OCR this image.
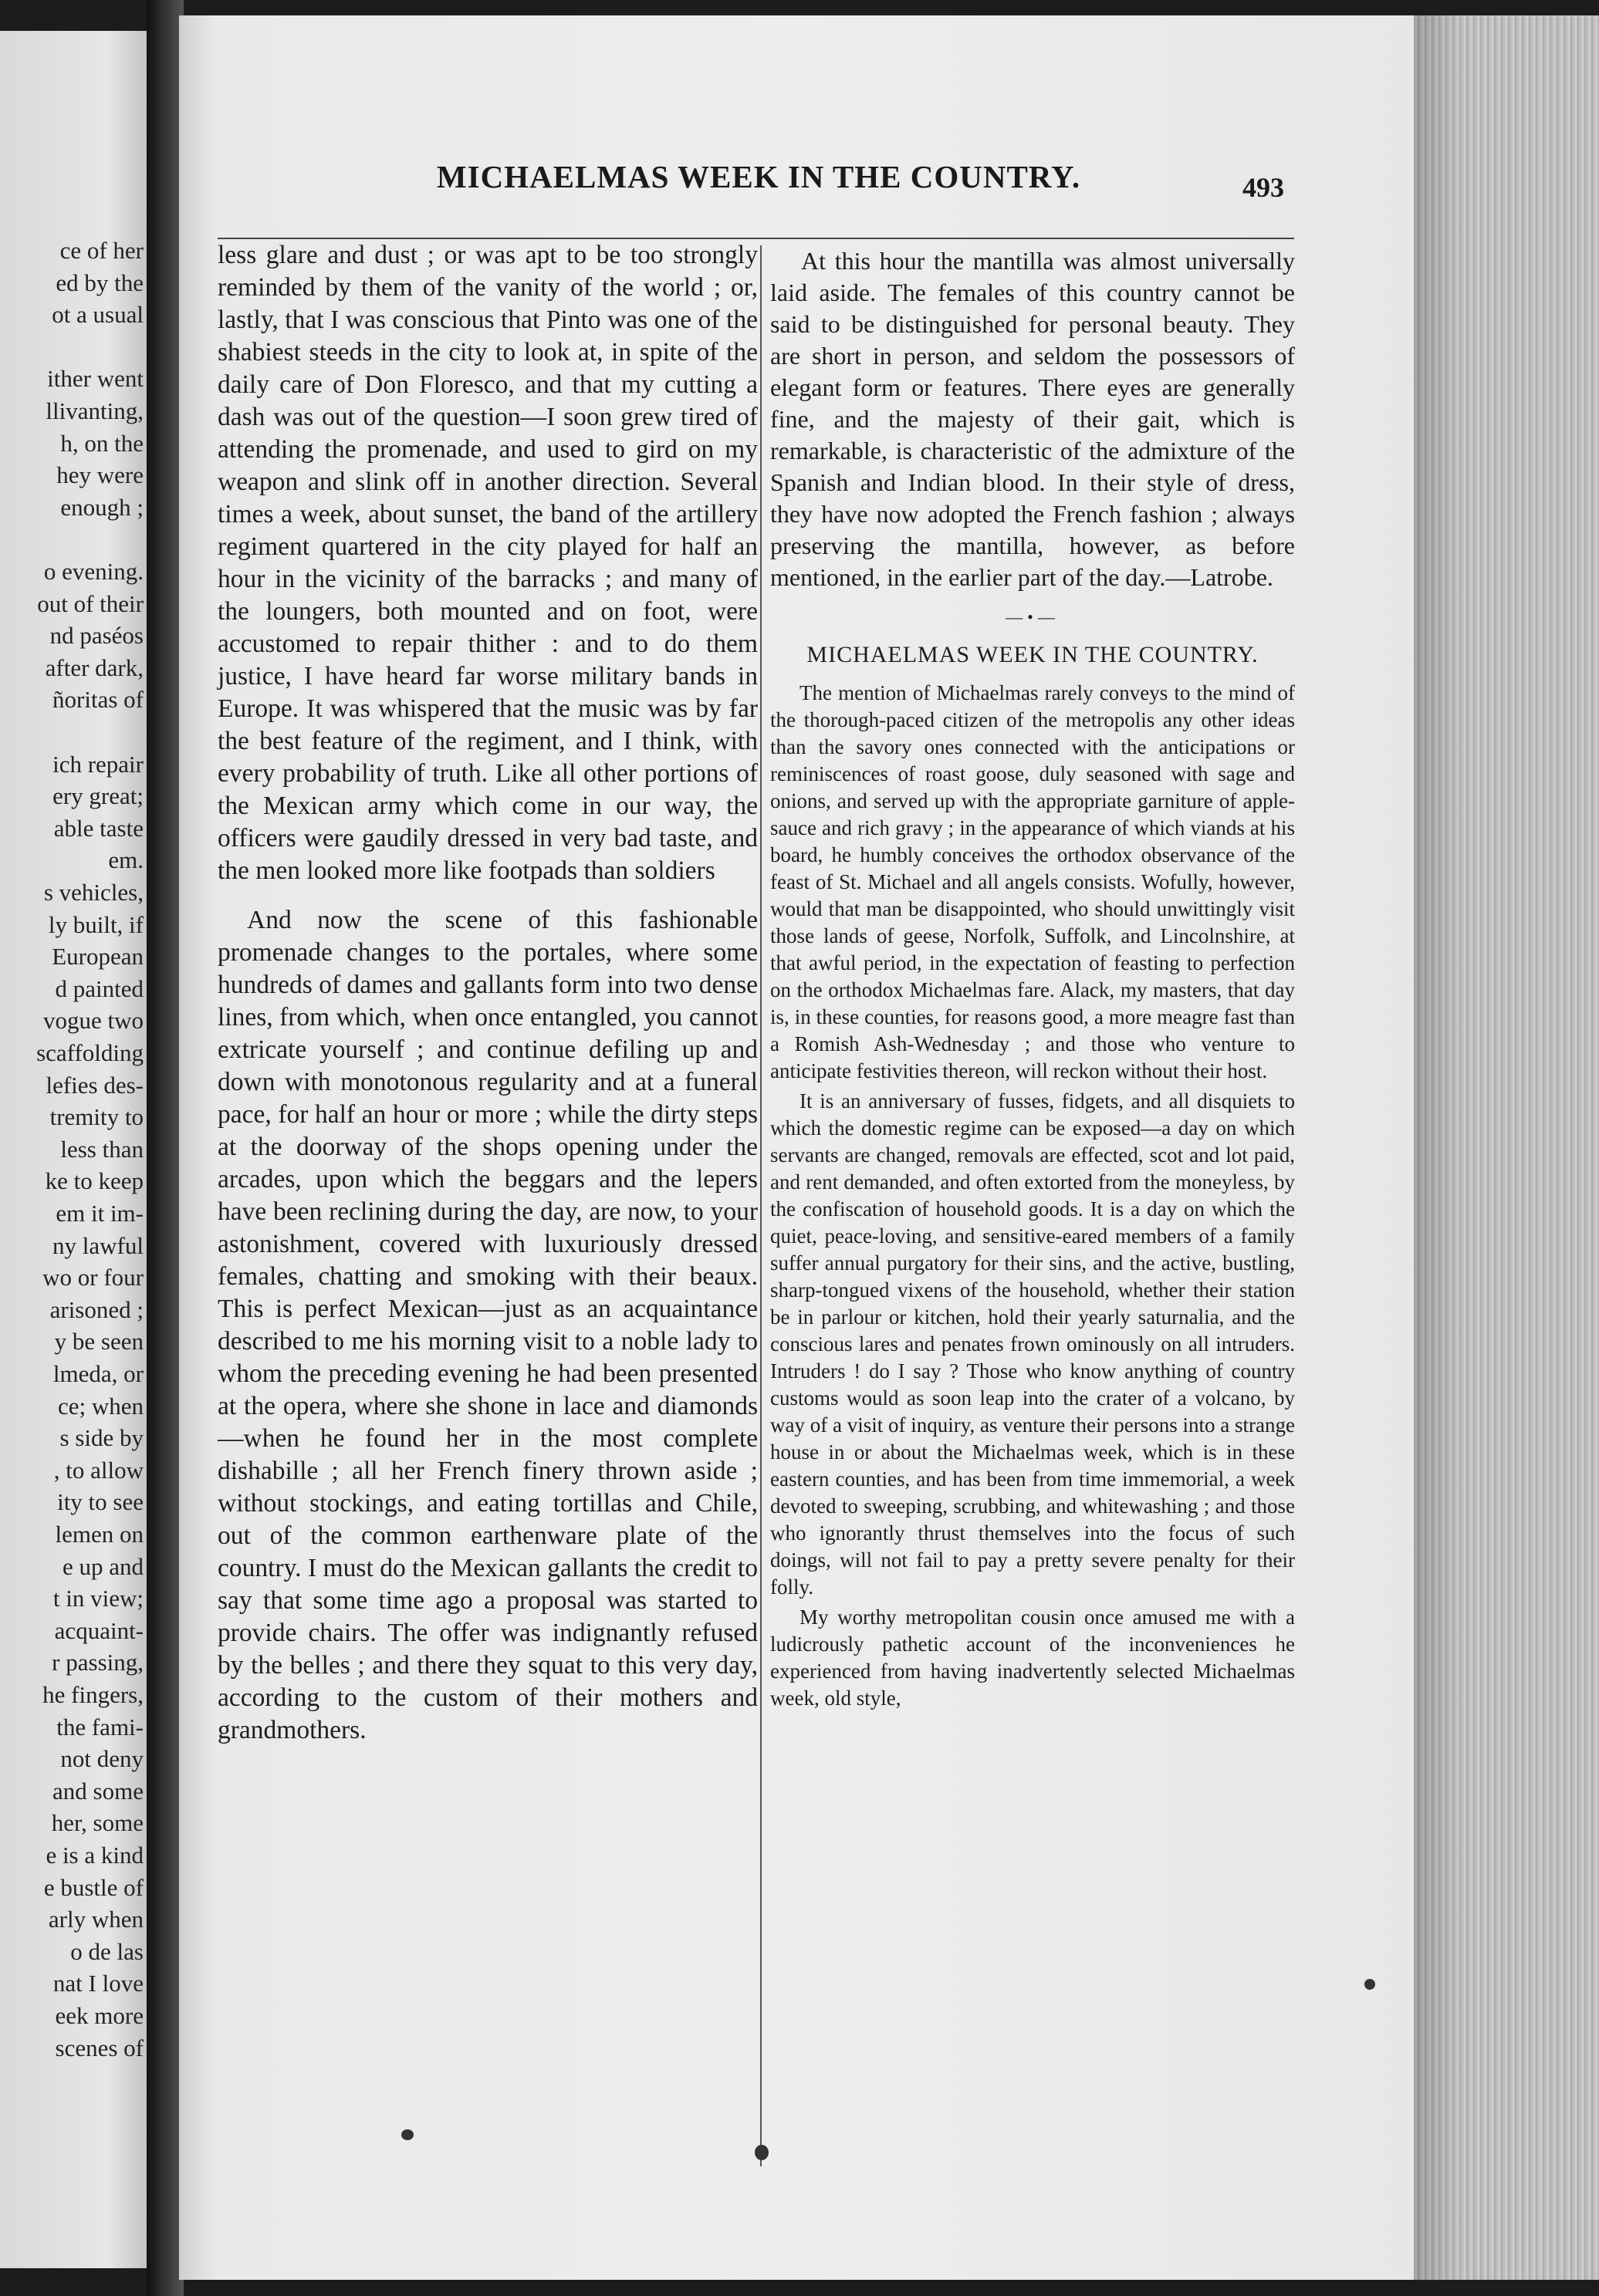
ce of her
ed by the
ot a usual
ither went
llivanting,
h, on the
hey were
enough ;
o evening.
out of their
nd paséos
after dark,
ñoritas of
ich repair
ery great;
able taste
em.
s vehicles,
ly built, if
European
d painted
vogue two
scaffolding
lefies des-
tremity to
less than
ke to keep
em it im-
ny lawful
wo or four
arisoned ;
y be seen
lmeda, or
ce; when
s side by
, to allow
ity to see
lemen on
e up and
t in view;
acquaint-
r passing,
he fingers,
the fami-
not deny
and some
her, some
e is a kind
e bustle of
arly when
o de las
nat I love
eek more
scenes of
MICHAELMAS WEEK IN THE COUNTRY.	493

less glare and dust ; or was apt to be too strongly reminded by them of the vanity of the world ; or, lastly, that I was conscious that Pinto was one of the shabiest steeds in the city to look at, in spite of the daily care of Don Floresco, and that my cutting a dash was out of the question—I soon grew tired of attending the promenade, and used to gird on my weapon and slink off in another direction. Several times a week, about sunset, the band of the artillery regiment quartered in the city played for half an hour in the vicinity of the barracks ; and many of the loungers, both mounted and on foot, were accustomed to repair thither : and to do them justice, I have heard far worse military bands in Europe. It was whispered that the music was by far the best feature of the regiment, and I think, with every probability of truth. Like all other portions of the Mexican army which come in our way, the officers were gaudily dressed in very bad taste, and the men looked more like footpads than soldiers

And now the scene of this fashionable promenade changes to the portales, where some hundreds of dames and gallants form into two dense lines, from which, when once entangled, you cannot extricate yourself ; and continue defiling up and down with monotonous regularity and at a funeral pace, for half an hour or more ; while the dirty steps at the doorway of the shops opening under the arcades, upon which the beggars and the lepers have been reclining during the day, are now, to your astonishment, covered with luxuriously dressed females, chatting and smoking with their beaux. This is perfect Mexican—just as an acquaintance described to me his morning visit to a noble lady to whom the preceding evening he had been presented at the opera, where she shone in lace and diamonds—when he found her in the most complete dishabille ; all her French finery thrown aside ; without stockings, and eating tortillas and Chile, out of the common earthenware plate of the country. I must do the Mexican gallants the credit to say that some time ago a proposal was started to provide chairs. The offer was indignantly refused by the belles ; and there they squat to this very day, according to the custom of their mothers and grandmothers.

At this hour the mantilla was almost universally laid aside. The females of this country cannot be said to be distinguished for personal beauty. They are short in person, and seldom the possessors of elegant form or features. There eyes are generally fine, and the majesty of their gait, which is remarkable, is characteristic of the admixture of the Spanish and Indian blood. In their style of dress, they have now adopted the French fashion ; always preserving the mantilla, however, as before mentioned, in the earlier part of the day.—Latrobe.

—•—
MICHAELMAS WEEK IN THE COUNTRY.

The mention of Michaelmas rarely conveys to the mind of the thorough-paced citizen of the metropolis any other ideas than the savory ones connected with the anticipations or reminiscences of roast goose, duly seasoned with sage and onions, and served up with the appropriate garniture of apple-sauce and rich gravy ; in the appearance of which viands at his board, he humbly conceives the orthodox observance of the feast of St. Michael and all angels consists. Wofully, however, would that man be disappointed, who should unwittingly visit those lands of geese, Norfolk, Suffolk, and Lincolnshire, at that awful period, in the expectation of feasting to perfection on the orthodox Michaelmas fare. Alack, my masters, that day is, in these counties, for reasons good, a more meagre fast than a Romish Ash-Wednesday ; and those who venture to anticipate festivities thereon, will reckon without their host.

It is an anniversary of fusses, fidgets, and all disquiets to which the domestic regime can be exposed—a day on which servants are changed, removals are effected, scot and lot paid, and rent demanded, and often extorted from the moneyless, by the confiscation of household goods. It is a day on which the quiet, peace-loving, and sensitive-eared members of a family suffer annual purgatory for their sins, and the active, bustling, sharp-tongued vixens of the household, whether their station be in parlour or kitchen, hold their yearly saturnalia, and the conscious lares and penates frown ominously on all intruders. Intruders ! do I say ? Those who know anything of country customs would as soon leap into the crater of a volcano, by way of a visit of inquiry, as venture their persons into a strange house in or about the Michaelmas week, which is in these eastern counties, and has been from time immemorial, a week devoted to sweeping, scrubbing, and whitewashing ; and those who ignorantly thrust themselves into the focus of such doings, will not fail to pay a pretty severe penalty for their folly.

My worthy metropolitan cousin once amused me with a ludicrously pathetic account of the inconveniences he experienced from having inadvertently selected Michaelmas week, old style,
